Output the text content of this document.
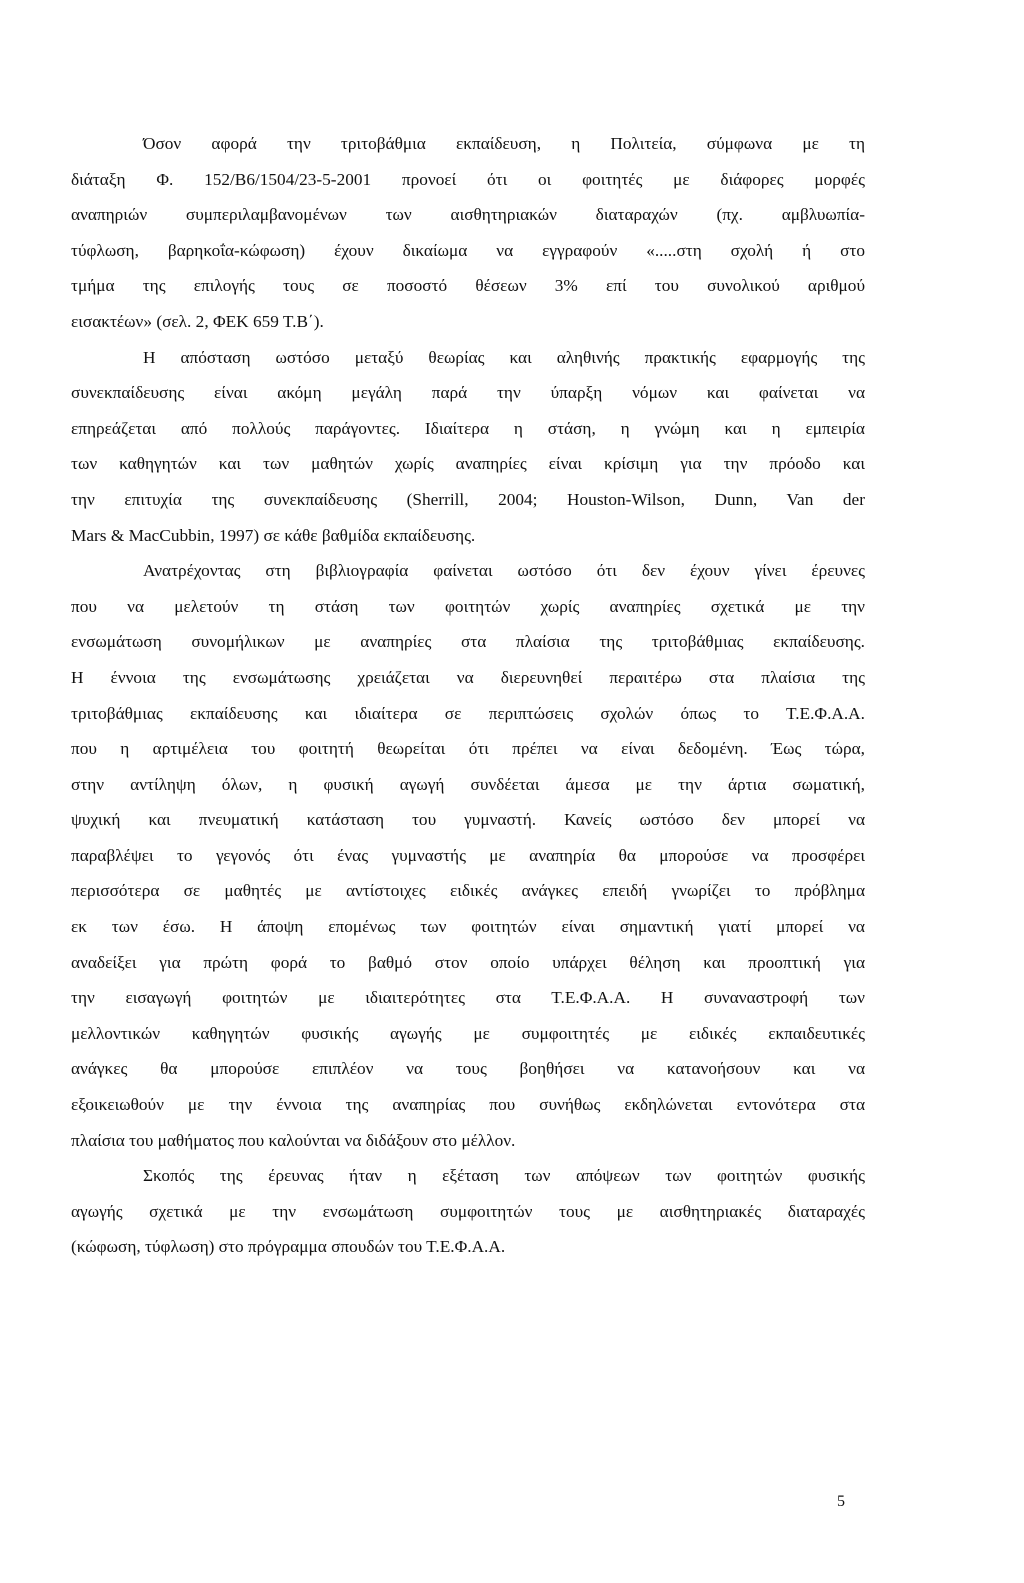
Όσον αφορά την τριτοβάθμια εκπαίδευση, η Πολιτεία, σύμφωνα με τη
διάταξη Φ. 152/Β6/1504/23-5-2001 προνοεί ότι οι φοιτητές με διάφορες μορφές
αναπηριών συμπεριλαμβανομένων των αισθητηριακών διαταραχών (πχ. αμβλυωπία-
τύφλωση, βαρηκοΐα-κώφωση) έχουν δικαίωμα να εγγραφούν «.....στη σχολή ή στο
τμήμα της επιλογής τους σε ποσοστό θέσεων 3% επί του συνολικού αριθμού
εισακτέων» (σελ. 2, ΦΕΚ 659 Τ.Β΄).
Η απόσταση ωστόσο μεταξύ θεωρίας και αληθινής πρακτικής εφαρμογής της
συνεκπαίδευσης είναι ακόμη μεγάλη παρά την ύπαρξη νόμων και φαίνεται να
επηρεάζεται από πολλούς παράγοντες. Ιδιαίτερα η στάση, η γνώμη και η εμπειρία
των καθηγητών και των μαθητών χωρίς αναπηρίες είναι κρίσιμη για την πρόοδο και
την επιτυχία της συνεκπαίδευσης (Sherrill, 2004; Houston-Wilson, Dunn, Van der
Mars & MacCubbin, 1997) σε κάθε βαθμίδα εκπαίδευσης.
Ανατρέχοντας στη βιβλιογραφία φαίνεται ωστόσο ότι δεν έχουν γίνει έρευνες
που να μελετούν τη στάση των φοιτητών χωρίς αναπηρίες σχετικά με την
ενσωμάτωση συνομήλικων με αναπηρίες στα πλαίσια της τριτοβάθμιας εκπαίδευσης.
Η έννοια της ενσωμάτωσης χρειάζεται να διερευνηθεί περαιτέρω στα πλαίσια της
τριτοβάθμιας εκπαίδευσης και ιδιαίτερα σε περιπτώσεις σχολών όπως το Τ.Ε.Φ.Α.Α.
που η αρτιμέλεια του φοιτητή θεωρείται ότι πρέπει να είναι δεδομένη. Έως τώρα,
στην αντίληψη όλων, η φυσική αγωγή συνδέεται άμεσα με την άρτια σωματική,
ψυχική και πνευματική κατάσταση του γυμναστή. Κανείς ωστόσο δεν μπορεί να
παραβλέψει το γεγονός ότι ένας γυμναστής με αναπηρία θα μπορούσε να προσφέρει
περισσότερα σε μαθητές με αντίστοιχες ειδικές ανάγκες επειδή γνωρίζει το πρόβλημα
εκ των έσω. Η άποψη επομένως των φοιτητών είναι σημαντική γιατί μπορεί να
αναδείξει για πρώτη φορά το βαθμό στον οποίο υπάρχει θέληση και προοπτική για
την εισαγωγή φοιτητών με ιδιαιτερότητες στα Τ.Ε.Φ.Α.Α. Η συναναστροφή των
μελλοντικών καθηγητών φυσικής αγωγής με συμφοιτητές με ειδικές εκπαιδευτικές
ανάγκες θα μπορούσε επιπλέον να τους βοηθήσει να κατανοήσουν και να
εξοικειωθούν με την έννοια της αναπηρίας που συνήθως εκδηλώνεται εντονότερα στα
πλαίσια του μαθήματος που καλούνται να διδάξουν στο μέλλον.
Σκοπός της έρευνας ήταν η εξέταση των απόψεων των φοιτητών φυσικής
αγωγής σχετικά με την ενσωμάτωση συμφοιτητών τους με αισθητηριακές διαταραχές
(κώφωση, τύφλωση) στο πρόγραμμα σπουδών του Τ.Ε.Φ.Α.Α.
5
